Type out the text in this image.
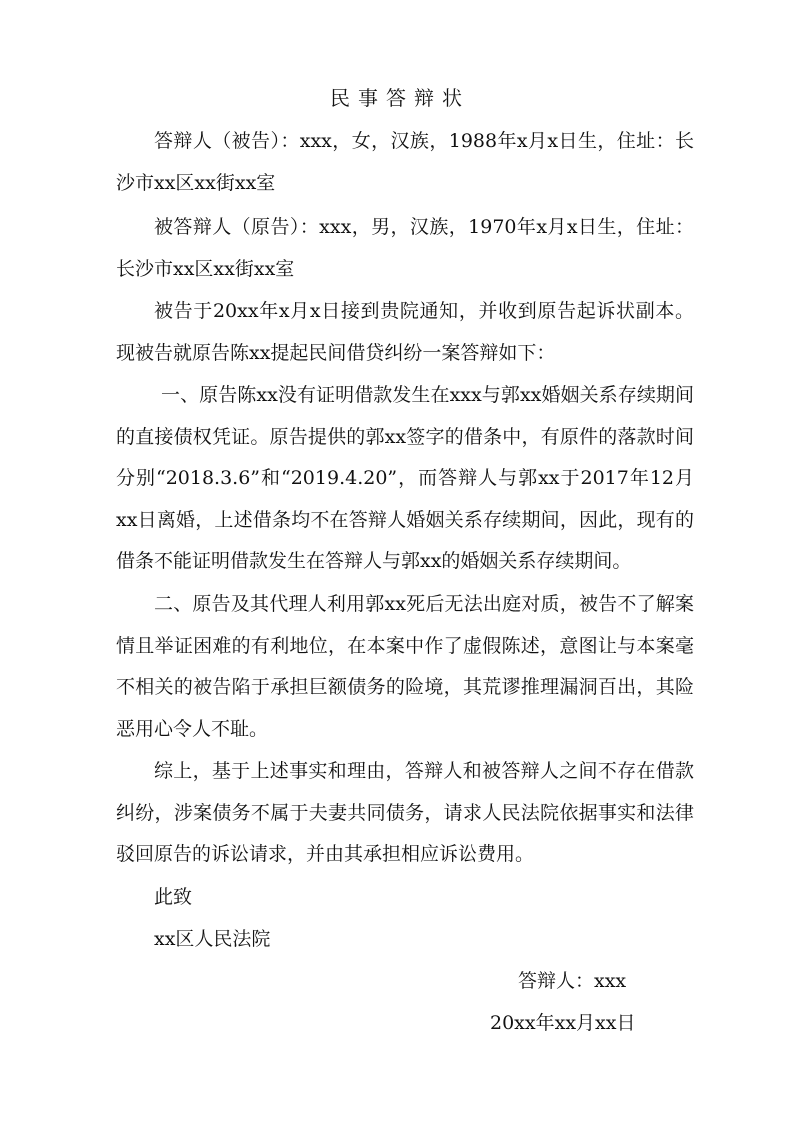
民事答辩状

答辩人（被告）：xxx，女，汉族，1988年x月x日生，住址：长沙市xx区xx街xx室

被答辩人（原告）：xxx，男，汉族，1970年x月x日生，住址：长沙市xx区xx街xx室

被告于20xx年x月x日接到贵院通知，并收到原告起诉状副本。现被告就原告陈xx提起民间借贷纠纷一案答辩如下：

一、原告陈xx没有证明借款发生在xxx与郭xx婚姻关系存续期间的直接债权凭证。原告提供的郭xx签字的借条中，有原件的落款时间分别“2018.3.6”和“2019.4.20”，而答辩人与郭xx于2017年12月xx日离婚，上述借条均不在答辩人婚姻关系存续期间，因此，现有的借条不能证明借款发生在答辩人与郭xx的婚姻关系存续期间。

二、原告及其代理人利用郭xx死后无法出庭对质，被告不了解案情且举证困难的有利地位，在本案中作了虚假陈述，意图让与本案毫不相关的被告陷于承担巨额债务的险境，其荒谬推理漏洞百出，其险恶用心令人不耻。

综上，基于上述事实和理由，答辩人和被答辩人之间不存在借款纠纷，涉案债务不属于夫妻共同债务，请求人民法院依据事实和法律驳回原告的诉讼请求，并由其承担相应诉讼费用。

此致
xx区人民法院
答辩人：xxx
20xx年xx月xx日
